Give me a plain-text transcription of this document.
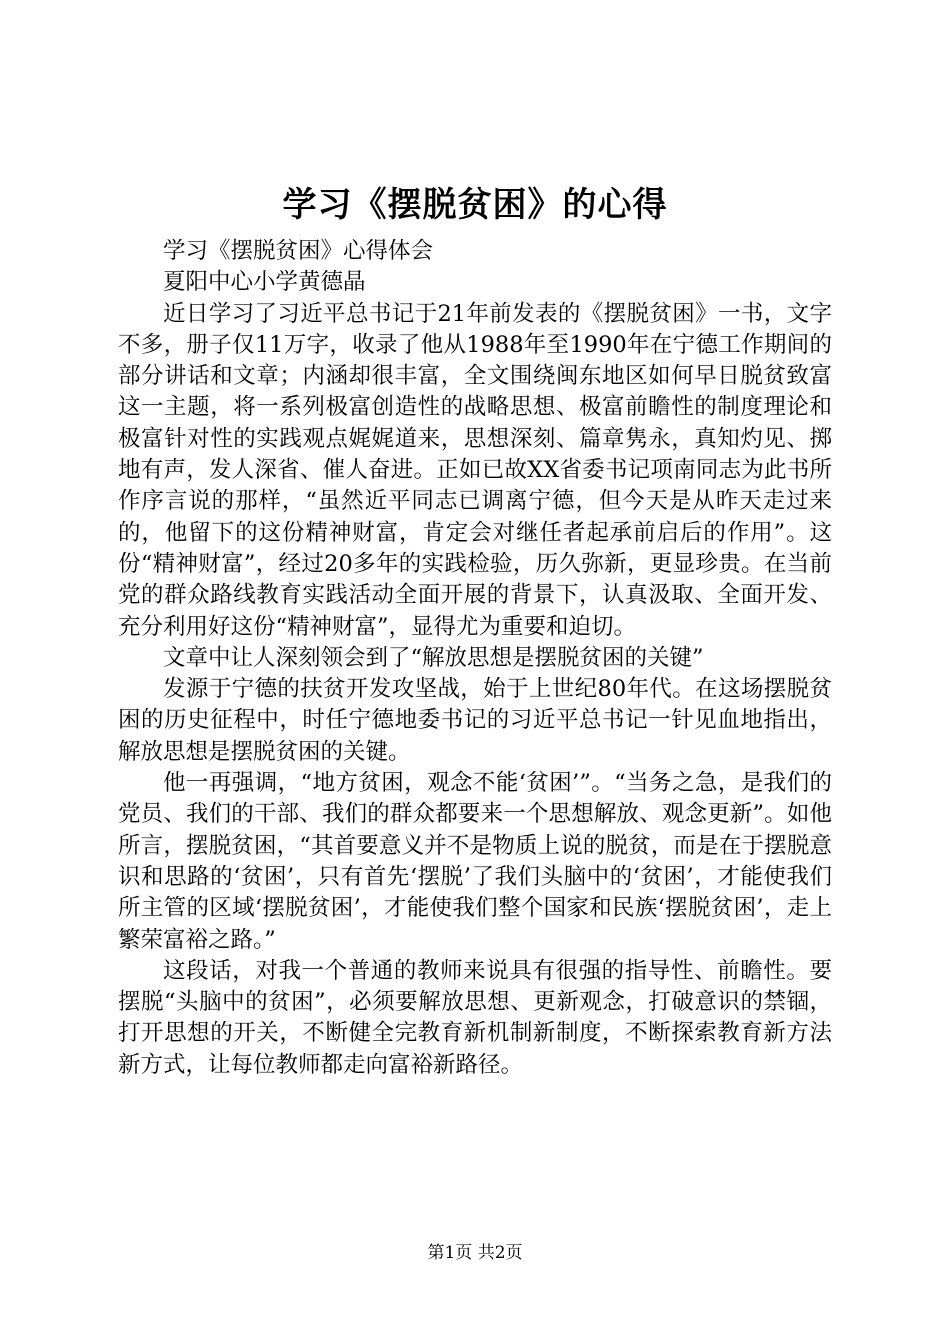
学习《摆脱贫困》的心得

学习《摆脱贫困》心得体会

夏阳中心小学黄德晶

近日学习了习近平总书记于21年前发表的《摆脱贫困》一书，文字不多，册子仅11万字，收录了他从1988年至1990年在宁德工作期间的部分讲话和文章；内涵却很丰富，全文围绕闽东地区如何早日脱贫致富这一主题，将一系列极富创造性的战略思想、极富前瞻性的制度理论和极富针对性的实践观点娓娓道来，思想深刻、篇章隽永，真知灼见、掷地有声，发人深省、催人奋进。正如已故XX省委书记项南同志为此书所作序言说的那样，“虽然近平同志已调离宁德，但今天是从昨天走过来的，他留下的这份精神财富，肯定会对继任者起承前启后的作用”。这份“精神财富”，经过20多年的实践检验，历久弥新，更显珍贵。在当前党的群众路线教育实践活动全面开展的背景下，认真汲取、全面开发、充分利用好这份“精神财富”，显得尤为重要和迫切。

文章中让人深刻领会到了“解放思想是摆脱贫困的关键”

发源于宁德的扶贫开发攻坚战，始于上世纪80年代。在这场摆脱贫困的历史征程中，时任宁德地委书记的习近平总书记一针见血地指出，解放思想是摆脱贫困的关键。

他一再强调，“地方贫困，观念不能‘贫困’”。“当务之急，是我们的党员、我们的干部、我们的群众都要来一个思想解放、观念更新”。如他所言，摆脱贫困，“其首要意义并不是物质上说的脱贫，而是在于摆脱意识和思路的‘贫困’，只有首先‘摆脱’了我们头脑中的‘贫困’，才能使我们所主管的区域‘摆脱贫困’，才能使我们整个国家和民族‘摆脱贫困’，走上繁荣富裕之路。”

这段话，对我一个普通的教师来说具有很强的指导性、前瞻性。要摆脱“头脑中的贫困”，必须要解放思想、更新观念，打破意识的禁锢，打开思想的开关，不断健全完教育新机制新制度，不断探索教育新方法新方式，让每位教师都走向富裕新路径。

第1页 共2页
